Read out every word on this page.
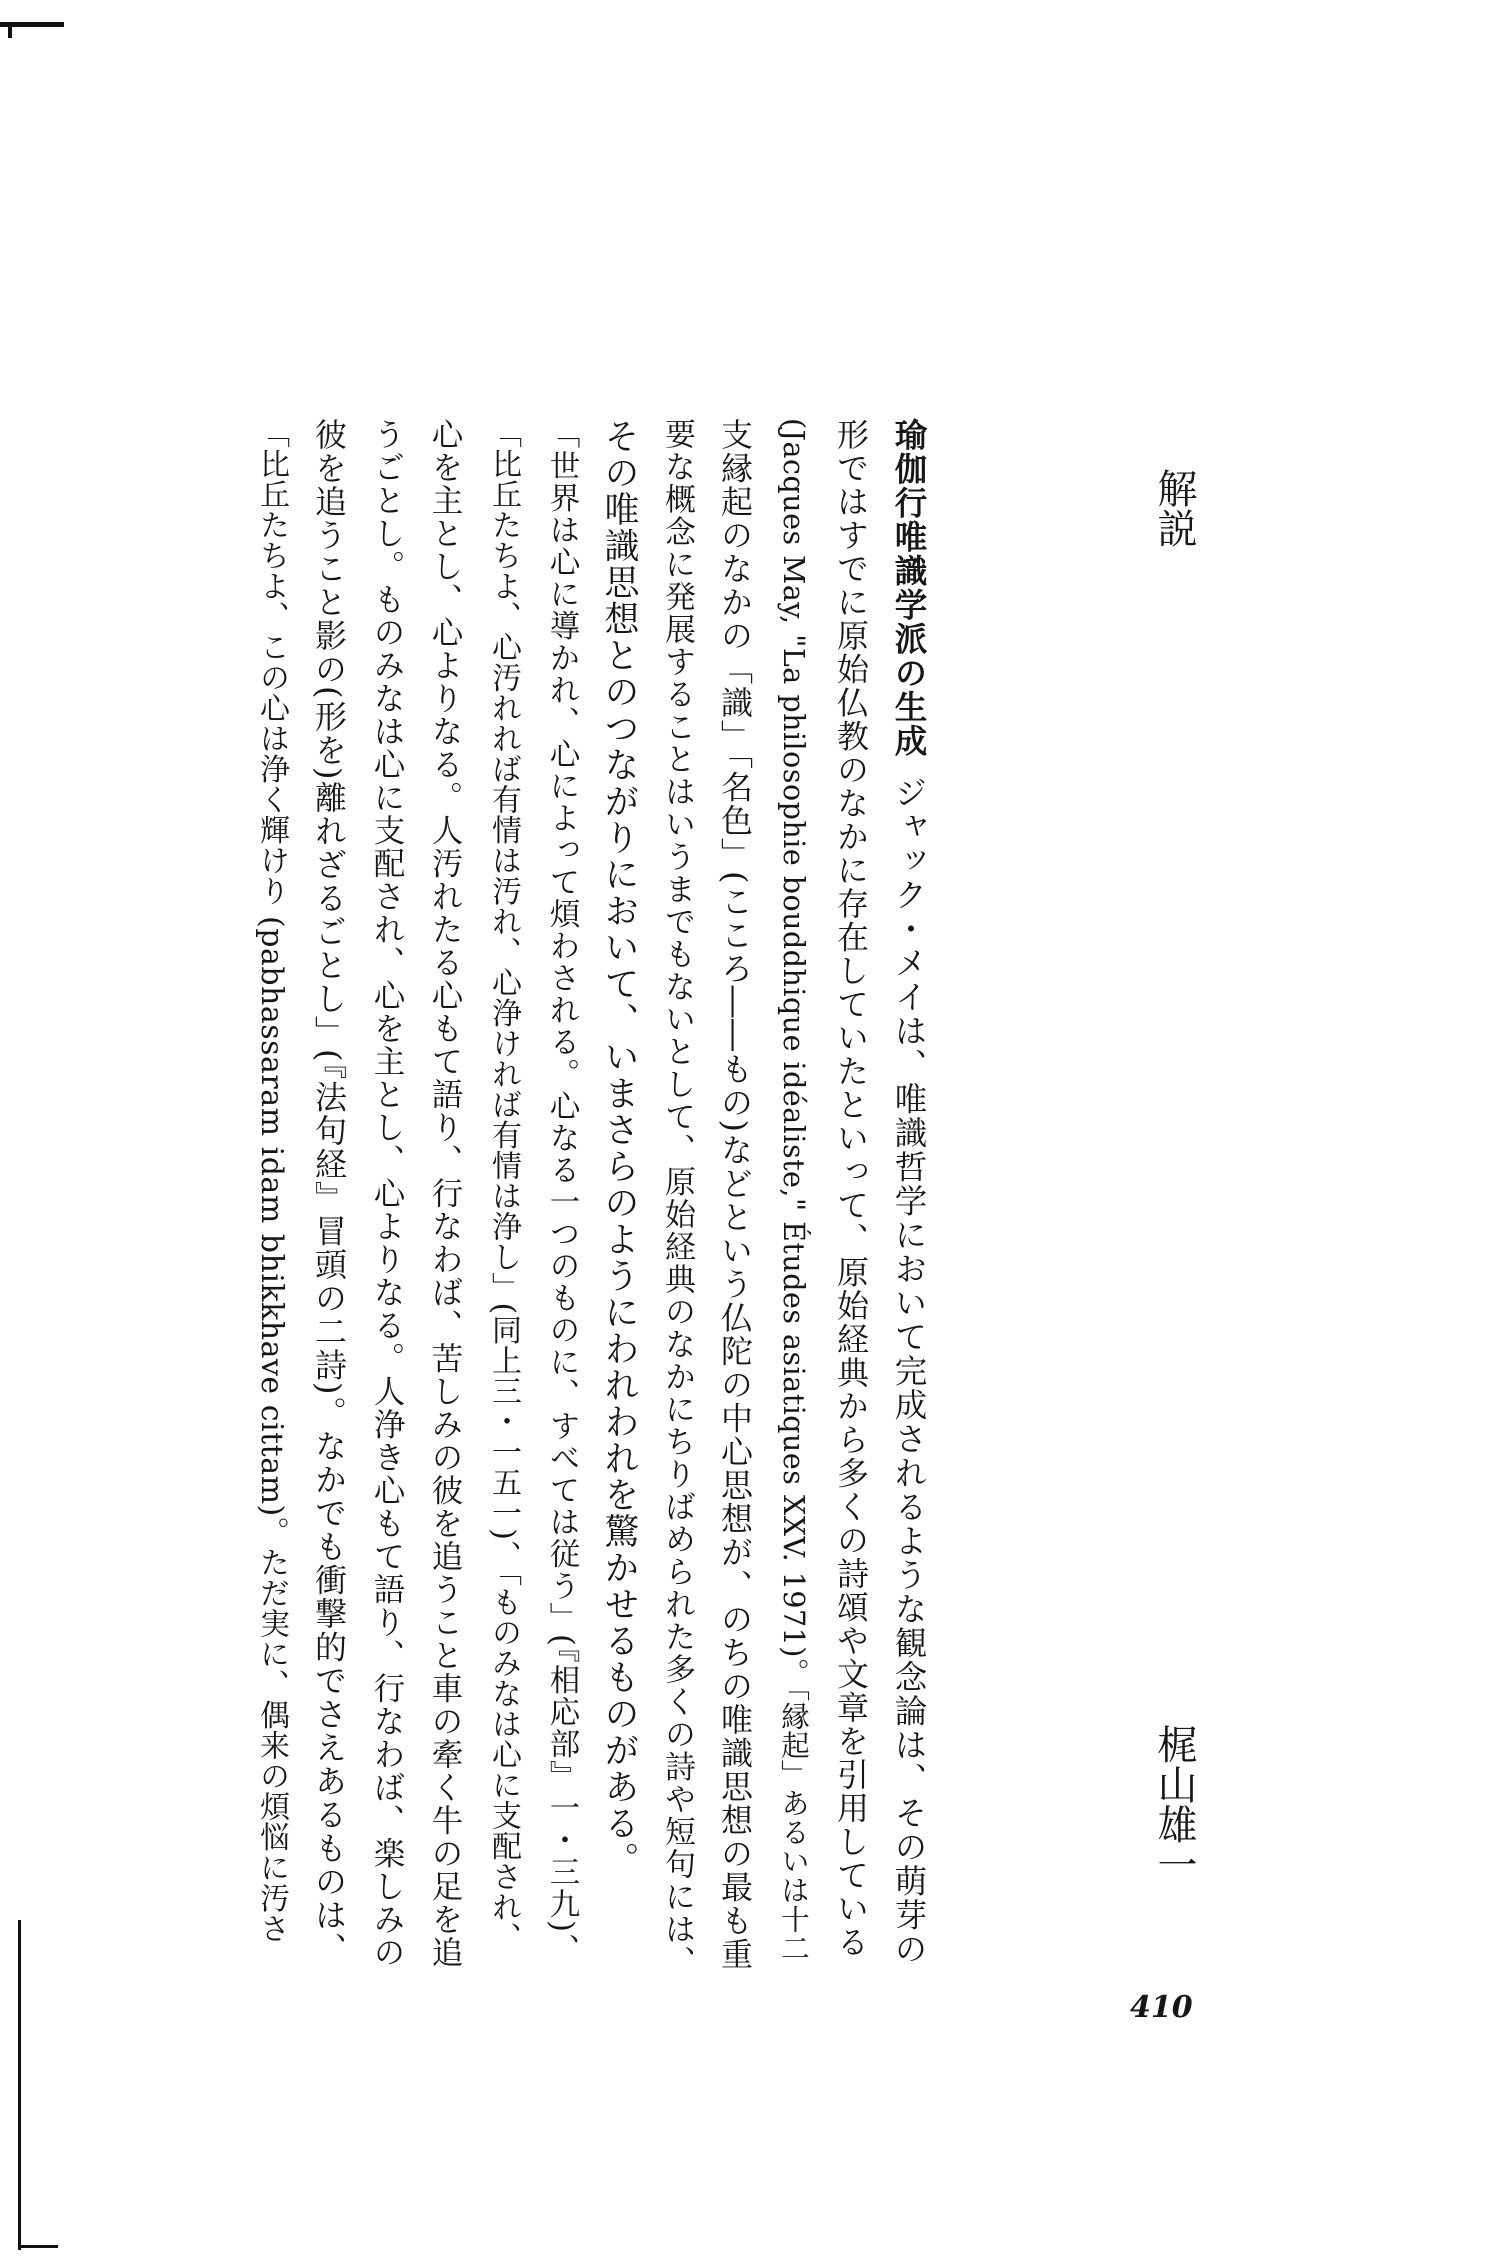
解説
梶山雄一
410
瑜伽行唯識学派の生成ジャック・メイは、唯識哲学において完成されるような観念論は、その萌芽の
形ではすでに原始仏教のなかに存在していたといって、原始経典から多くの詩頌や文章を引用している
(Jacques May, "La philosophie bouddhique idéaliste," Études asiatiques XXV. 1971)。「縁起」あるいは十二
支縁起のなかの「識」「名色」(こころ――もの)などという仏陀の中心思想が、のちの唯識思想の最も重
要な概念に発展することはいうまでもないとして、原始経典のなかにちりばめられた多くの詩や短句には、
その唯識思想とのつながりにおいて、いまさらのようにわれわれを驚かせるものがある。
「世界は心に導かれ、心によって煩わされる。心なる一つのものに、すべては従う」(『相応部』一・三九)、
「比丘たちよ、心汚れれば有情は汚れ、心浄ければ有情は浄し」(同上三・一五一)、「ものみなは心に支配され、
心を主とし、心よりなる。人汚れたる心もて語り、行なわば、苦しみの彼を追うこと車の牽く牛の足を追
うごとし。ものみなは心に支配され、心を主とし、心よりなる。人浄き心もて語り、行なわば、楽しみの
彼を追うこと影の(形を)離れざるごとし」(『法句経』冒頭の二詩)。なかでも衝撃的でさえあるものは、
「比丘たちよ、この心は浄く輝けり (pabhassaram idam bhikkhave cittam)。ただ実に、偶来の煩悩に汚さ
